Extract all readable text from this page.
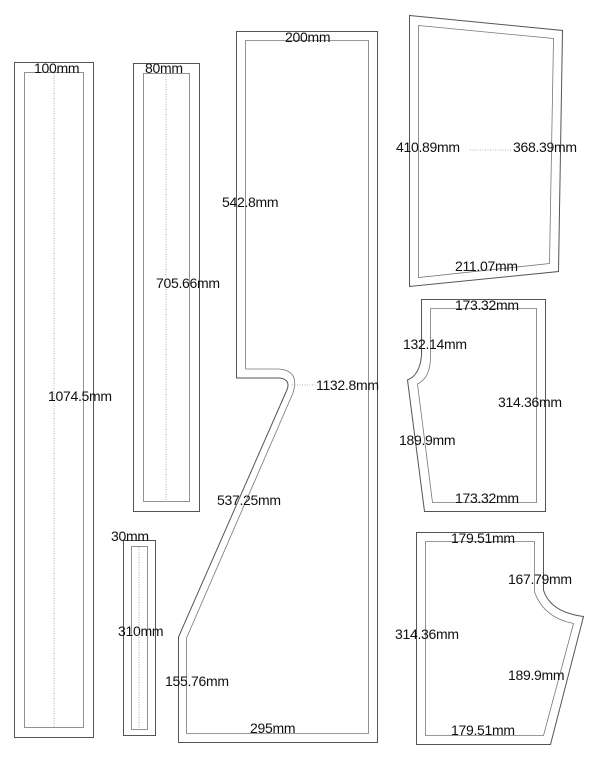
100mm
1074.5mm
80mm
705.66mm
30mm
310mm
200mm
542.8mm
1132.8mm
537.25mm
155.76mm
295mm
410.89mm	368.39mm
211.07mm
173.32mm
132.14mm
314.36mm
189.9mm
173.32mm
179.51mm
167.79mm
314.36mm
189.9mm
179.51mm
